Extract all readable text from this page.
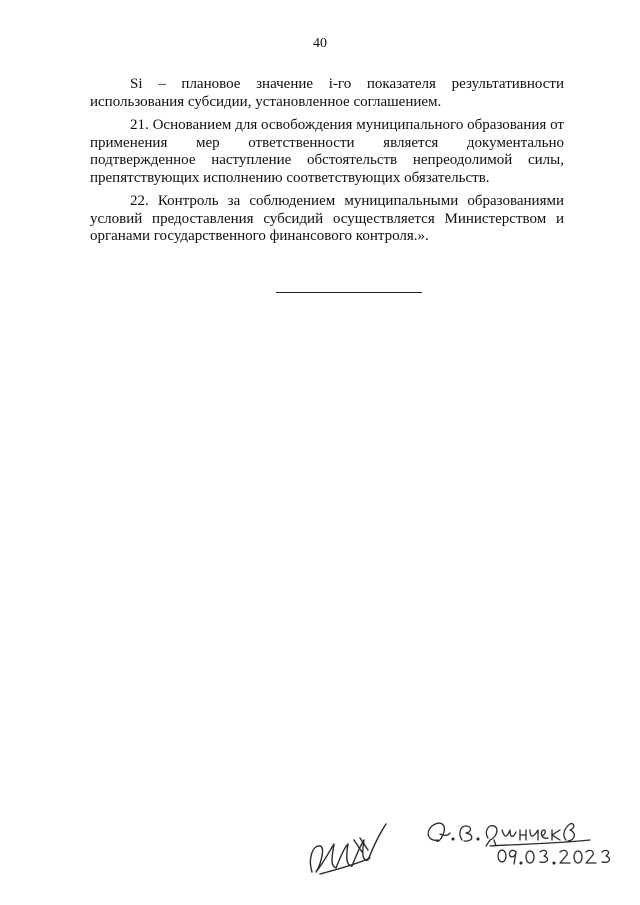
40

Si – плановое значение i-го показателя результативности использования субсидии, установленное соглашением.

21. Основанием для освобождения муниципального образования от применения мер ответственности является документально подтвержденное наступление обстоятельств непреодолимой силы, препятствующих исполнению соответствующих обязательств.

22. Контроль за соблюдением муниципальными образованиями условий предоставления субсидий осуществляется Министерством и органами государственного финансового контроля.».
